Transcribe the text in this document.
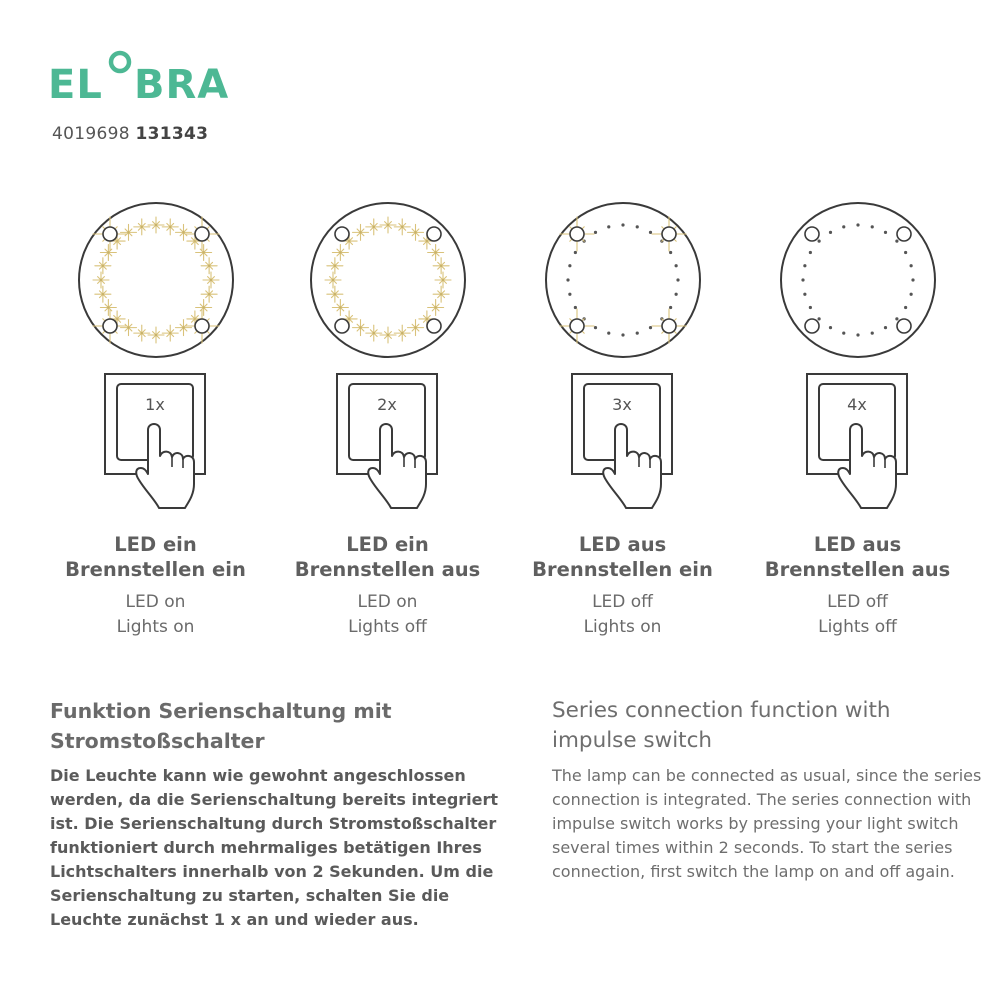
EL BRA
4019698 131343
1x
LED ein
Brennstellen ein
LED on
Lights on
2x
LED ein
Brennstellen aus
LED on
Lights off
3x
LED aus
Brennstellen ein
LED off
Lights on
4x
LED aus
Brennstellen aus
LED off
Lights off
Funktion Serienschaltung mit Stromstoßschalter
Die Leuchte kann wie gewohnt angeschlossen werden, da die Serienschaltung bereits integriert ist. Die Serienschaltung durch Stromstoßschalter funktioniert durch mehrmaliges betätigen Ihres Lichtschalters innerhalb von 2 Sekunden. Um die Serienschaltung zu starten, schalten Sie die Leuchte zunächst 1 x an und wieder aus.
Series connection function with impulse switch
The lamp can be connected as usual, since the series connection is integrated. The series connection with impulse switch works by pressing your light switch several times within 2 seconds. To start the series connection, first switch the lamp on and off again.
